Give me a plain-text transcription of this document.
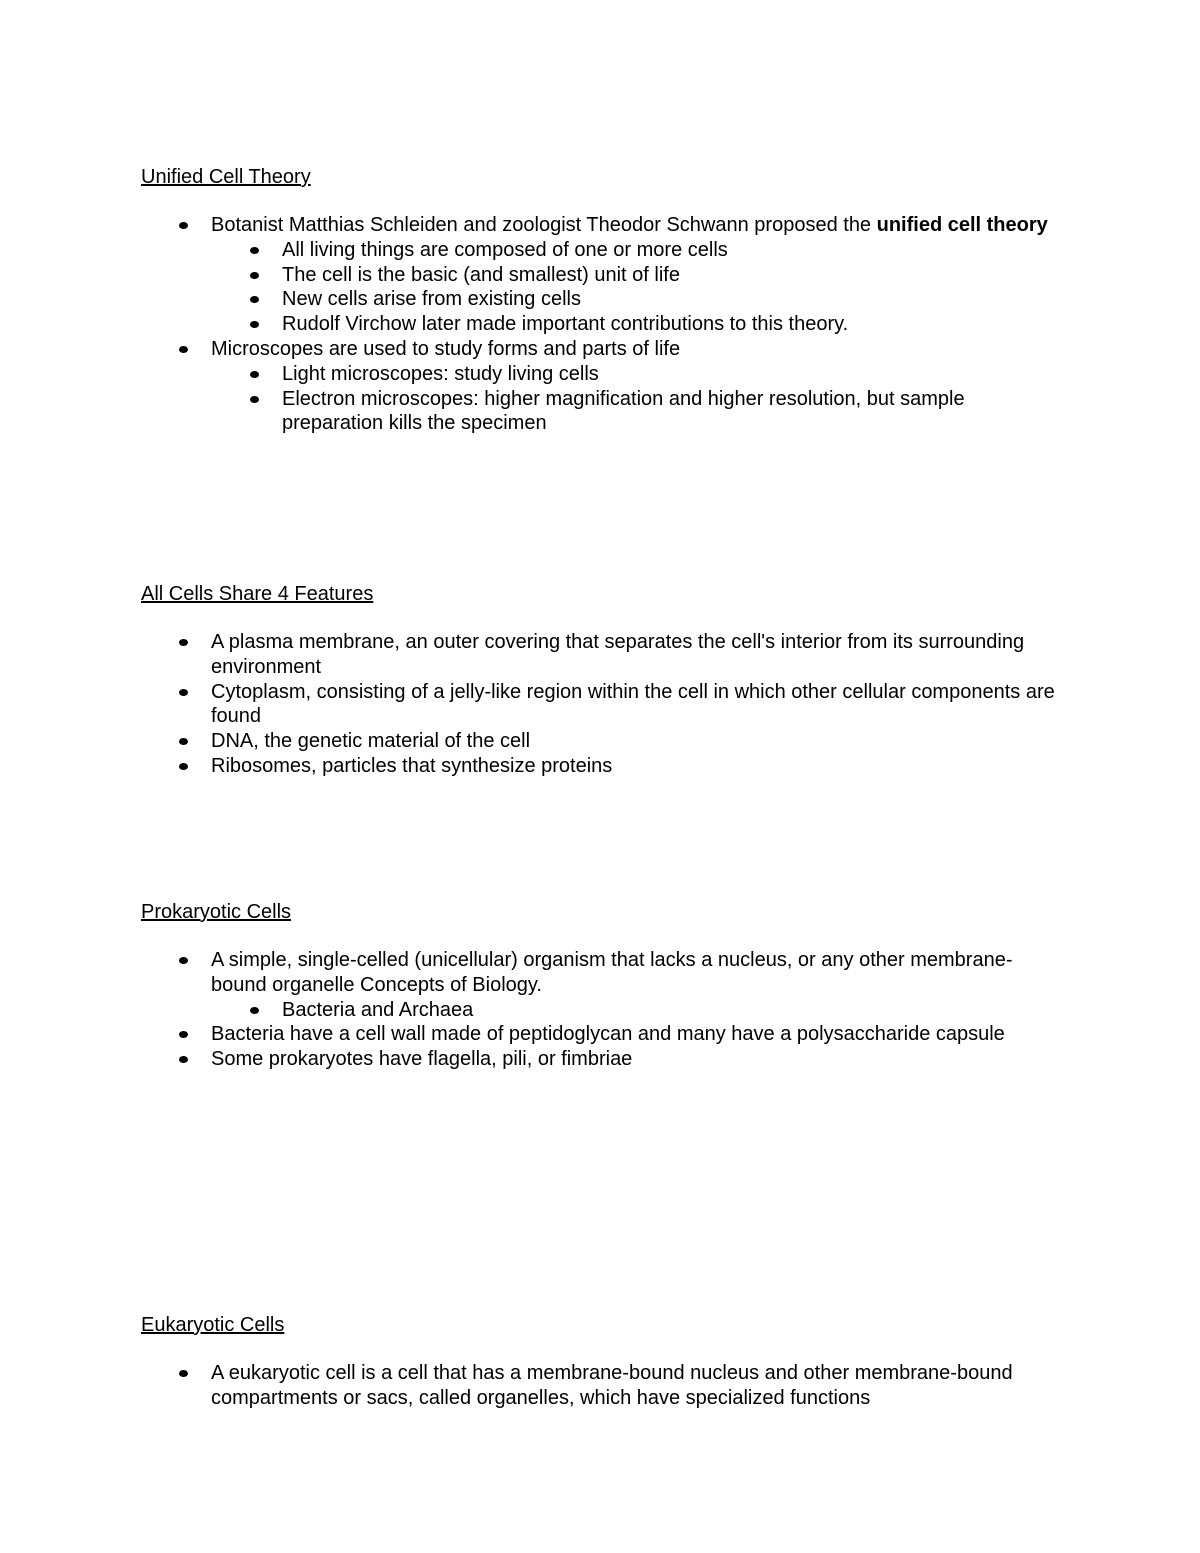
Unified Cell Theory
Botanist Matthias Schleiden and zoologist Theodor Schwann proposed the unified cell theory
All living things are composed of one or more cells
The cell is the basic (and smallest) unit of life
New cells arise from existing cells
Rudolf Virchow later made important contributions to this theory.
Microscopes are used to study forms and parts of life
Light microscopes: study living cells
Electron microscopes: higher magnification and higher resolution, but sample preparation kills the specimen
All Cells Share 4 Features
A plasma membrane, an outer covering that separates the cell's interior from its surrounding environment
Cytoplasm, consisting of a jelly-like region within the cell in which other cellular components are found
DNA, the genetic material of the cell
Ribosomes, particles that synthesize proteins
Prokaryotic Cells
A simple, single-celled (unicellular) organism that lacks a nucleus, or any other membrane-bound organelle Concepts of Biology.
Bacteria and Archaea
Bacteria have a cell wall made of peptidoglycan and many have a polysaccharide capsule
Some prokaryotes have flagella, pili, or fimbriae
Eukaryotic Cells
A eukaryotic cell is a cell that has a membrane-bound nucleus and other membrane-bound compartments or sacs, called organelles, which have specialized functions
